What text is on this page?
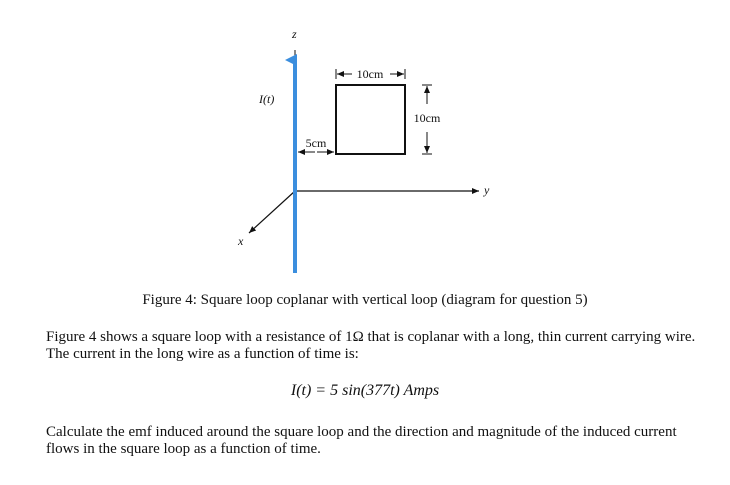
z
y
x
I(t)
10cm
10cm
5cm
Figure 4: Square loop coplanar with vertical loop (diagram for question 5)
Figure 4 shows a square loop with a resistance of 1Ω that is coplanar with a long, thin current carrying wire. The current in the long wire as a function of time is:
I(t) = 5 sin(377t) Amps
Calculate the emf induced around the square loop and the direction and magnitude of the induced current flows in the square loop as a function of time.
